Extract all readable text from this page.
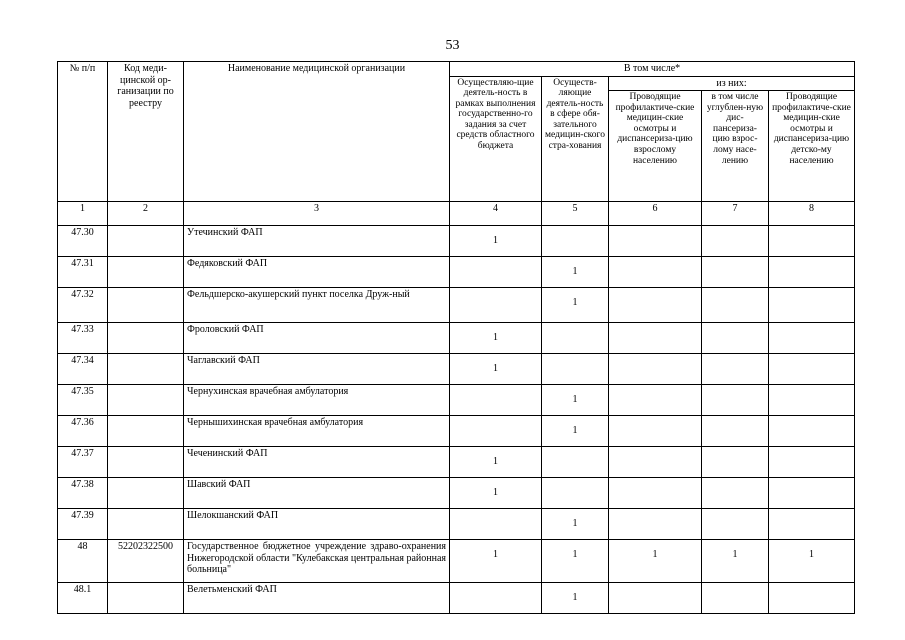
53
№ п/п	Код меди-цинской ор-ганизации по реестру	Наименование медицинской организации	В том числе*				
			Осуществляю-щие деятель-ность в рамках выполнения государственно-го задания за счет средств областного бюджета	Осуществ-ляющие деятель-ность в сфере обя-зательного медицин-ского стра-хования	из них:		
					Проводящие профилактиче-ские медицин-ские осмотры и диспансериза-цию взрослому населению	в том числе углублен-ную дис-пансериза-цию взрос-лому насе-лению	Проводящие профилактиче-ские медицин-ские осмотры и диспансериза-цию детско-му населению
1	2	3	4	5	6	7	8
47.30		Утечинский ФАП	1				
47.31		Федяковский ФАП		1			
47.32		Фельдшерско-акушерский пункт поселка Друж-ный		1			
47.33		Фроловский ФАП	1				
47.34		Чаглавский ФАП	1				
47.35		Чернухинская врачебная амбулатория		1			
47.36		Чернышихинская врачебная амбулатория		1			
47.37		Чеченинский ФАП	1				
47.38		Шавский ФАП	1				
47.39		Шелокшанский ФАП		1			
48	52202322500	Государственное бюджетное учреждение здраво-охранения Нижегородской области "Кулебакская центральная районная больница"	1	1	1	1	1
48.1		Велетьменский ФАП		1			
